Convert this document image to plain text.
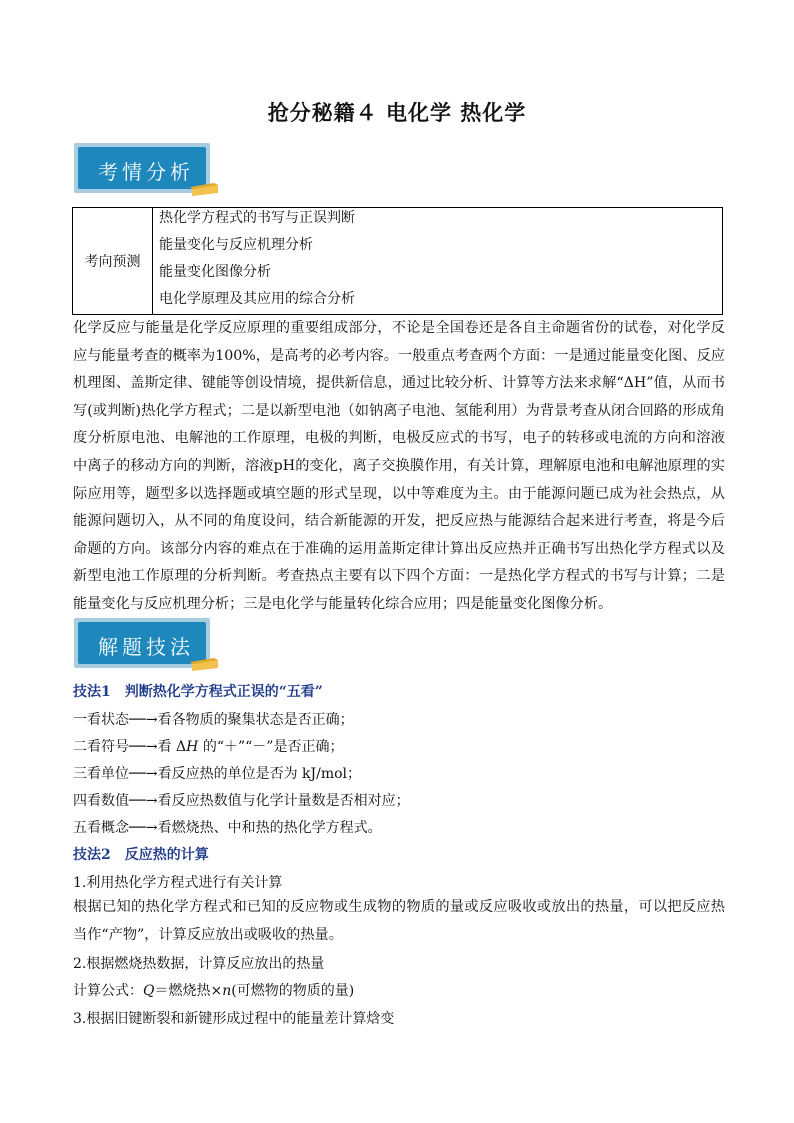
抢分秘籍４ 电化学 热化学
考情分析
考向预测
热化学方程式的书写与正误判断
能量变化与反应机理分析
能量变化图像分析
电化学原理及其应用的综合分析
化学反应与能量是化学反应原理的重要组成部分，不论是全国卷还是各自主命题省份的试卷，对化学反应与能量考查的概率为100%，是高考的必考内容。一般重点考查两个方面：一是通过能量变化图、反应机理图、盖斯定律、键能等创设情境，提供新信息，通过比较分析、计算等方法来求解“ΔH”值，从而书写(或判断)热化学方程式；二是以新型电池（如钠离子电池、氢能利用）为背景考查从闭合回路的形成角度分析原电池、电解池的工作原理，电极的判断，电极反应式的书写，电子的转移或电流的方向和溶液中离子的移动方向的判断，溶液pH的变化，离子交换膜作用，有关计算，理解原电池和电解池原理的实际应用等，题型多以选择题或填空题的形式呈现，以中等难度为主。由于能源问题已成为社会热点，从能源问题切入，从不同的角度设问，结合新能源的开发，把反应热与能源结合起来进行考查，将是今后命题的方向。该部分内容的难点在于准确的运用盖斯定律计算出反应热并正确书写出热化学方程式以及新型电池工作原理的分析判断。考查热点主要有以下四个方面：一是热化学方程式的书写与计算；二是能量变化与反应机理分析；三是电化学与能量转化综合应用；四是能量变化图像分析。
解题技法
技法1　判断热化学方程式正误的“五看”
一看状态──→看各物质的聚集状态是否正确；
二看符号──→看 ΔH 的“＋”“－”是否正确；
三看单位──→看反应热的单位是否为 kJ/mol；
四看数值──→看反应热数值与化学计量数是否相对应；
五看概念──→看燃烧热、中和热的热化学方程式。
技法2　反应热的计算
1.利用热化学方程式进行有关计算
根据已知的热化学方程式和已知的反应物或生成物的物质的量或反应吸收或放出的热量，可以把反应热当作“产物”，计算反应放出或吸收的热量。
2.根据燃烧热数据，计算反应放出的热量
计算公式：Q＝燃烧热×n(可燃物的物质的量)
3.根据旧键断裂和新键形成过程中的能量差计算焓变
